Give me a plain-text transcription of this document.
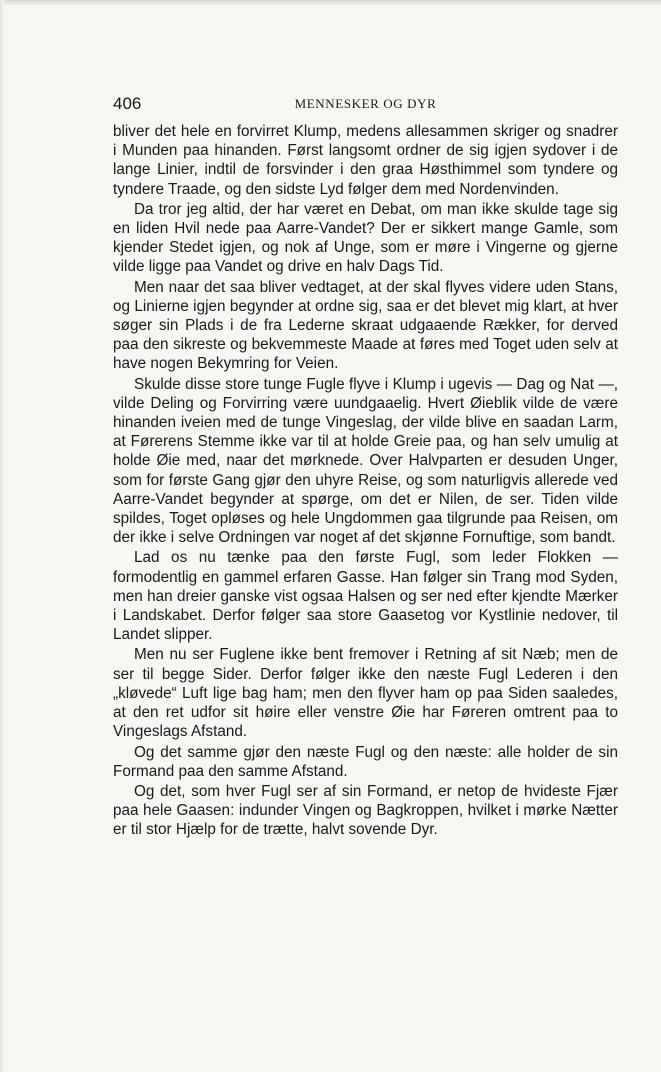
406	MENNESKER OG DYR

bliver det hele en forvirret Klump, medens allesammen skriger og snadrer i Munden paa hinanden. Først langsomt ordner de sig igjen sydover i de lange Linier, indtil de forsvinder i den graa Høsthimmel som tyndere og tyndere Traade, og den sidste Lyd følger dem med Nordenvinden.

Da tror jeg altid, der har været en Debat, om man ikke skulde tage sig en liden Hvil nede paa Aarre-Vandet? Der er sikkert mange Gamle, som kjender Stedet igjen, og nok af Unge, som er møre i Vingerne og gjerne vilde ligge paa Vandet og drive en halv Dags Tid.

Men naar det saa bliver vedtaget, at der skal flyves videre uden Stans, og Linierne igjen begynder at ordne sig, saa er det blevet mig klart, at hver søger sin Plads i de fra Lederne skraat udgaaende Rækker, for derved paa den sikreste og bekvemmeste Maade at føres med Toget uden selv at have nogen Bekymring for Veien.

Skulde disse store tunge Fugle flyve i Klump i ugevis — Dag og Nat —, vilde Deling og Forvirring være uundgaaelig. Hvert Øieblik vilde de være hinanden iveien med de tunge Vingeslag, der vilde blive en saadan Larm, at Førerens Stemme ikke var til at holde Greie paa, og han selv umulig at holde Øie med, naar det mørknede. Over Halvparten er desuden Unger, som for første Gang gjør den uhyre Reise, og som naturligvis allerede ved Aarre-Vandet begynder at spørge, om det er Nilen, de ser. Tiden vilde spildes, Toget opløses og hele Ungdommen gaa tilgrunde paa Reisen, om der ikke i selve Ordningen var noget af det skjønne Fornuftige, som bandt.

Lad os nu tænke paa den første Fugl, som leder Flokken — formodentlig en gammel erfaren Gasse. Han følger sin Trang mod Syden, men han dreier ganske vist ogsaa Halsen og ser ned efter kjendte Mærker i Landskabet. Derfor følger saa store Gaasetog vor Kystlinie nedover, til Landet slipper.

Men nu ser Fuglene ikke bent fremover i Retning af sit Næb; men de ser til begge Sider. Derfor følger ikke den næste Fugl Lederen i den „kløvede“ Luft lige bag ham; men den flyver ham op paa Siden saaledes, at den ret udfor sit høire eller venstre Øie har Føreren omtrent paa to Vingeslags Afstand.

Og det samme gjør den næste Fugl og den næste: alle holder de sin Formand paa den samme Afstand.

Og det, som hver Fugl ser af sin Formand, er netop de hvideste Fjær paa hele Gaasen: indunder Vingen og Bagkroppen, hvilket i mørke Nætter er til stor Hjælp for de trætte, halvt sovende Dyr.
